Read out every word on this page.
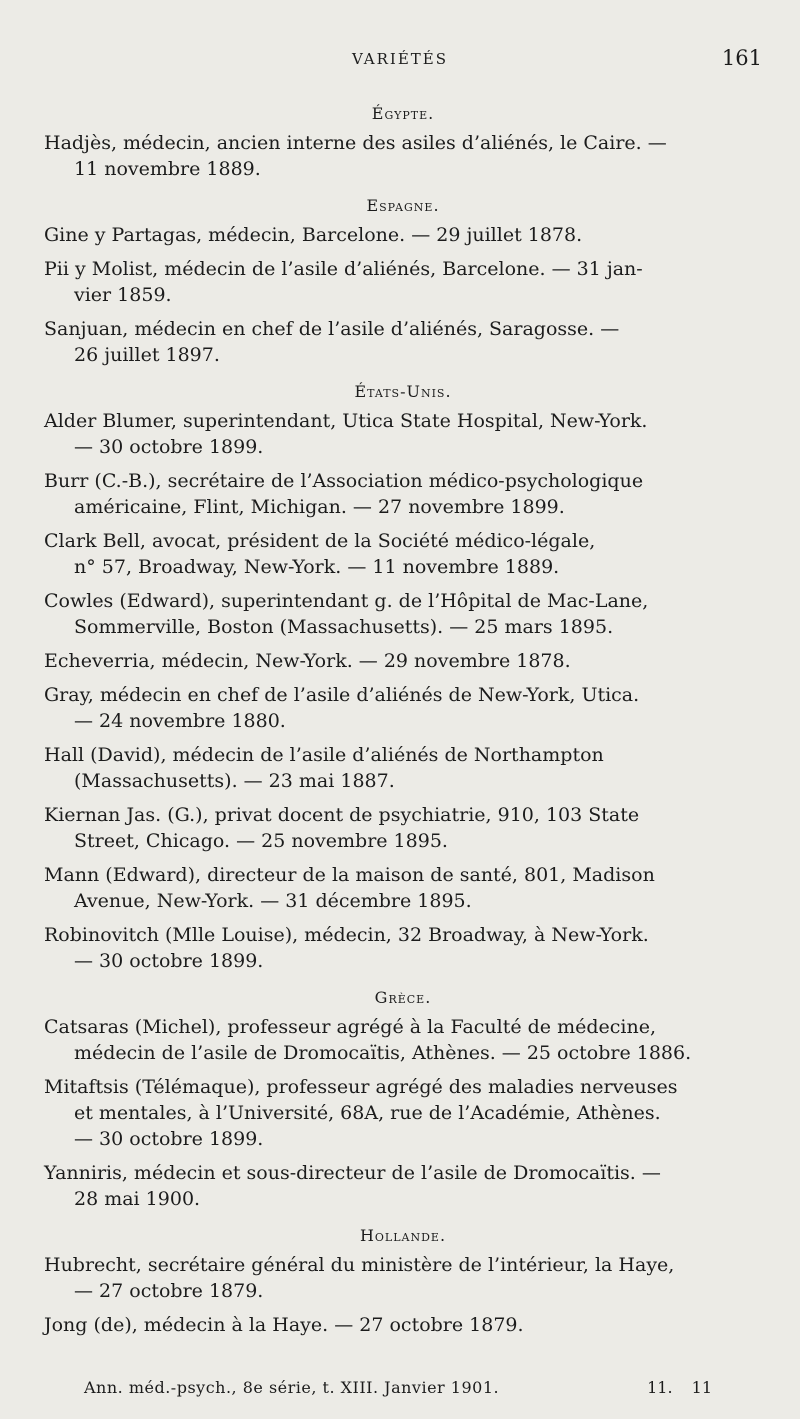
VARIÉTÉS	161
Égypte.
Hadjès, médecin, ancien interne des asiles d’aliénés, le Caire. —

11 novembre 1889.
Espagne.
Gine y Partagas, médecin, Barcelone. — 29 juillet 1878.

Pii y Molist, médecin de l’asile d’aliénés, Barcelone. — 31 jan-

vier 1859.
Sanjuan, médecin en chef de l’asile d’aliénés, Saragosse. —

26 juillet 1897.
États-Unis.
Alder Blumer, superintendant, Utica State Hospital, New-York.

— 30 octobre 1899.
Burr (C.-B.), secrétaire de l’Association médico-psychologique

américaine, Flint, Michigan. — 27 novembre 1899.
Clark Bell, avocat, président de la Société médico-légale,

n° 57, Broadway, New-York. — 11 novembre 1889.
Cowles (Edward), superintendant g. de l’Hôpital de Mac-Lane,

Sommerville, Boston (Massachusetts). — 25 mars 1895.
Echeverria, médecin, New-York. — 29 novembre 1878.

Gray, médecin en chef de l’asile d’aliénés de New-York, Utica.

— 24 novembre 1880.
Hall (David), médecin de l’asile d’aliénés de Northampton

(Massachusetts). — 23 mai 1887.
Kiernan Jas. (G.), privat docent de psychiatrie, 910, 103 State

Street, Chicago. — 25 novembre 1895.
Mann (Edward), directeur de la maison de santé, 801, Madison

Avenue, New-York. — 31 décembre 1895.
Robinovitch (Mlle Louise), médecin, 32 Broadway, à New-York.

— 30 octobre 1899.
Grèce.
Catsaras (Michel), professeur agrégé à la Faculté de médecine,

médecin de l’asile de Dromocaïtis, Athènes. — 25 octobre 1886.
Mitaftsis (Télémaque), professeur agrégé des maladies nerveuses

et mentales, à l’Université, 68A, rue de l’Académie, Athènes.
— 30 octobre 1899.
Yanniris, médecin et sous-directeur de l’asile de Dromocaïtis. —

28 mai 1900.
Hollande.
Hubrecht, secrétaire général du ministère de l’intérieur, la Haye,

— 27 octobre 1879.
Jong (de), médecin à la Haye. — 27 octobre 1879.

Ann. méd.-psych., 8e série, t. XIII. Janvier 1901.	11. 11
